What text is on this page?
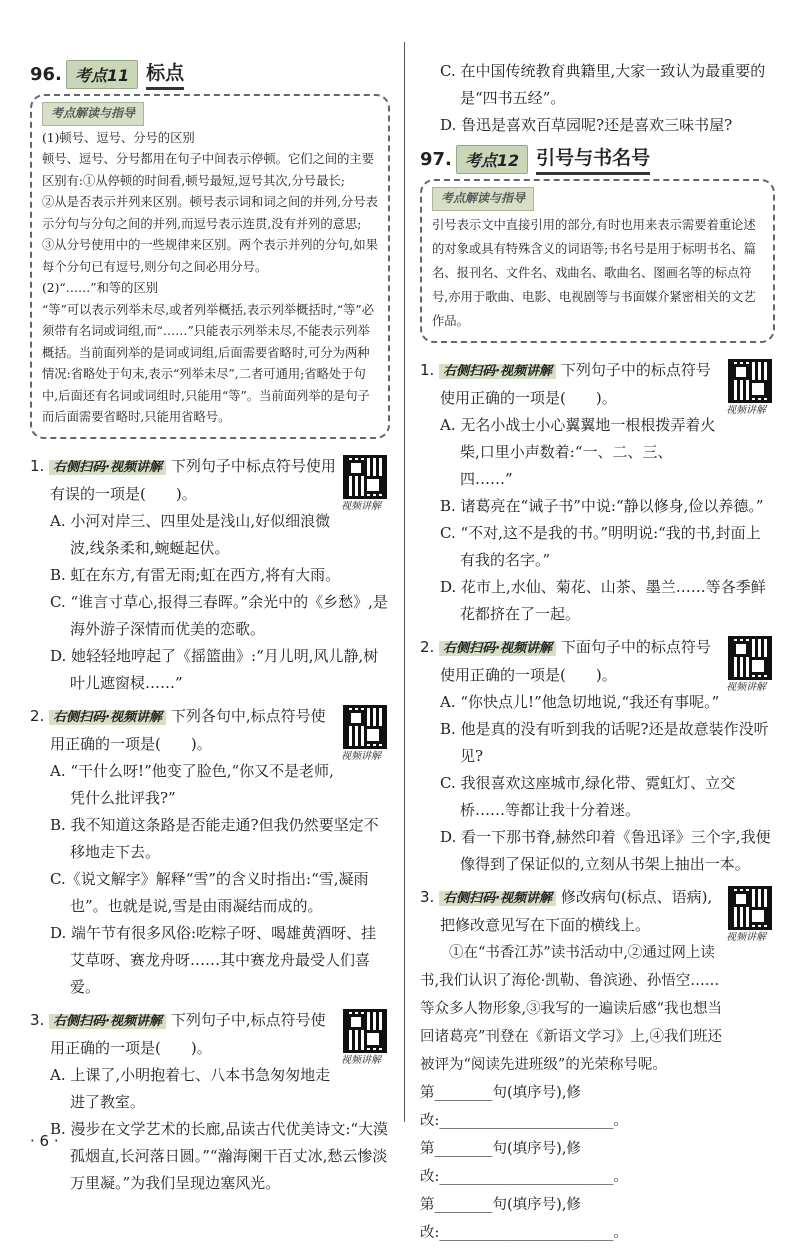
96. 考点11 标点
考点解读与指导

(1)顿号、逗号、分号的区别

顿号、逗号、分号都用在句子中间表示停顿。它们之间的主要区别有:①从停顿的时间看,顿号最短,逗号其次,分号最长;

②从是否表示并列来区别。顿号表示词和词之间的并列,分号表示分句与分句之间的并列,而逗号表示连贯,没有并列的意思;

③从分号使用中的一些规律来区别。两个表示并列的分句,如果每个分句已有逗号,则分句之间必用分号。

(2)“……”和等的区别

“等”可以表示列举未尽,或者列举概括,表示列举概括时,“等”必须带有名词或词组,而“……”只能表示列举未尽,不能表示列举概括。当前面列举的是词或词组,后面需要省略时,可分为两种情况:省略处于句末,表示“列举未尽”,二者可通用;省略处于句中,后面还有名词或词组时,只能用“等”。当前面列举的是句子而后面需要省略时,只能用省略号。

视频讲解
1. 右侧扫码·视频讲解 下列句子中标点符号使用有误的一项是(　　)。
A. 小河对岸三、四里处是浅山,好似细浪微波,线条柔和,蜿蜒起伏。
B. 虹在东方,有雷无雨;虹在西方,将有大雨。
C. “谁言寸草心,报得三春晖。”余光中的《乡愁》,是海外游子深情而优美的恋歌。
D. 她轻轻地哼起了《摇篮曲》:“月儿明,风儿静,树叶儿遮窗棂……”
视频讲解
2. 右侧扫码·视频讲解 下列各句中,标点符号使用正确的一项是(　　)。
A. “干什么呀!”他变了脸色,“你又不是老师,凭什么批评我?”
B. 我不知道这条路是否能走通?但我仍然要坚定不移地走下去。
C.《说文解字》解释“雪”的含义时指出:“雪,凝雨也”。也就是说,雪是由雨凝结而成的。
D. 端午节有很多风俗:吃粽子呀、喝雄黄酒呀、挂艾草呀、赛龙舟呀……其中赛龙舟最受人们喜爱。
视频讲解
3. 右侧扫码·视频讲解 下列句子中,标点符号使用正确的一项是(　　)。
A. 上课了,小明抱着七、八本书急匆匆地走进了教室。
B. 漫步在文学艺术的长廊,品读古代优美诗文:“大漠孤烟直,长河落日圆。”“瀚海阑干百丈冰,愁云惨淡万里凝。”为我们呈现边塞风光。
C. 在中国传统教育典籍里,大家一致认为最重要的是“四书五经”。
D. 鲁迅是喜欢百草园呢?还是喜欢三味书屋?
97. 考点12 引号与书名号
考点解读与指导

引号表示文中直接引用的部分,有时也用来表示需要着重论述的对象或具有特殊含义的词语等;书名号是用于标明书名、篇名、报刊名、文件名、戏曲名、歌曲名、图画名等的标点符号,亦用于歌曲、电影、电视剧等与书面媒介紧密相关的文艺作品。

视频讲解
1. 右侧扫码·视频讲解 下列句子中的标点符号使用正确的一项是(　　)。
A. 无名小战士小心翼翼地一根根拨弄着火柴,口里小声数着:“一、二、三、四……”
B. 诸葛亮在“诫子书”中说:“静以修身,俭以养德。”
C. “不对,这不是我的书。”明明说:“我的书,封面上有我的名字。”
D. 花市上,水仙、菊花、山茶、墨兰……等各季鲜花都挤在了一起。
视频讲解
2. 右侧扫码·视频讲解 下面句子中的标点符号使用正确的一项是(　　)。
A. “你快点儿!”他急切地说,“我还有事呢。”
B. 他是真的没有听到我的话呢?还是故意装作没听见?
C. 我很喜欢这座城市,绿化带、霓虹灯、立交桥……等都让我十分着迷。
D. 看一下那书脊,赫然印着《鲁迅译》三个字,我便像得到了保证似的,立刻从书架上抽出一本。
视频讲解
3. 右侧扫码·视频讲解 修改病句(标点、语病),把修改意见写在下面的横线上。
①在“书香江苏”读书活动中,②通过网上读书,我们认识了海伦·凯勒、鲁滨逊、孙悟空……等众多人物形象,③我写的一遍读后感“我也想当回诸葛亮”刊登在《新语文学习》上,④我们班还被评为“阅读先进班级”的光荣称号呢。
第________句(填序号),修改:________________________。
第________句(填序号),修改:________________________。
第________句(填序号),修改:________________________。
· 6 ·
